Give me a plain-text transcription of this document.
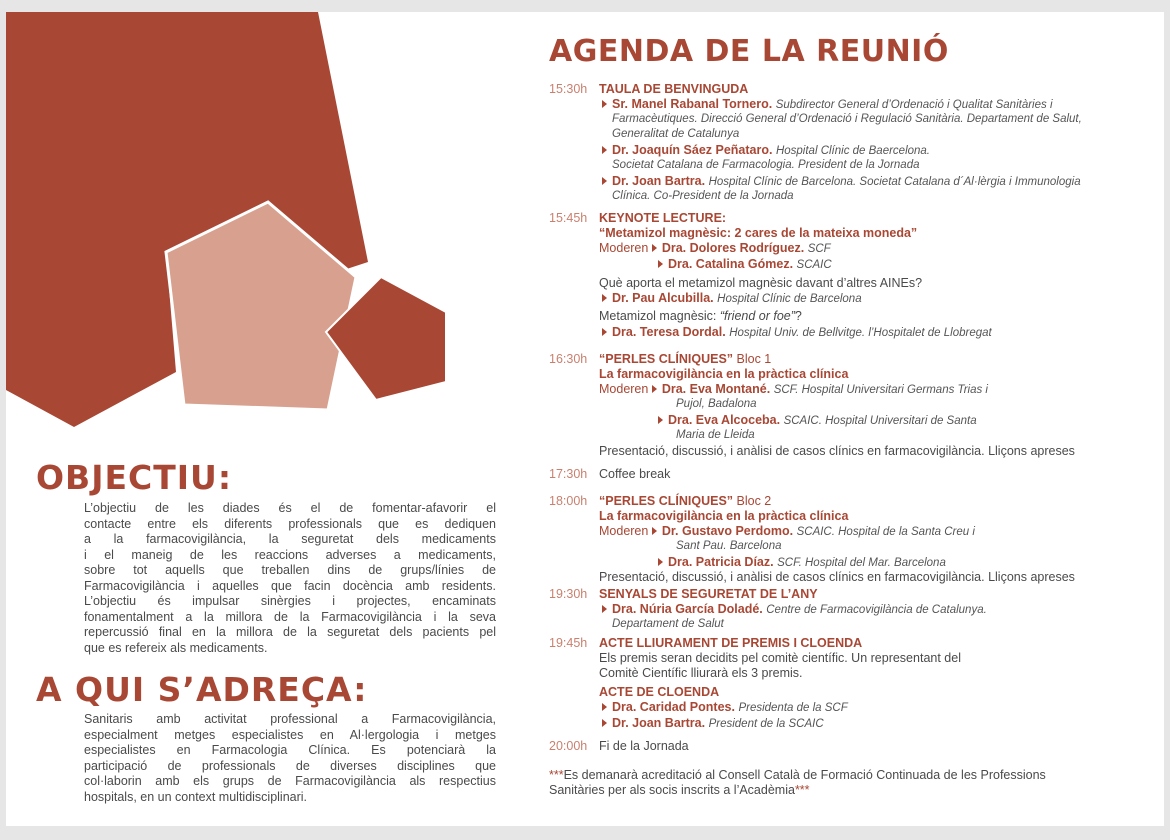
OBJECTIU:
L’objectiu de les diades és el de fomentar-afavorir el
contacte entre els diferents professionals que es dediquen
a la farmacovigilància, la seguretat dels medicaments
i el maneig de les reaccions adverses a medicaments,
sobre tot aquells que treballen dins de grups/línies de
Farmacovigilància i aquelles que facin docència amb residents.
L’objectiu és impulsar sinèrgies i projectes, encaminats
fonamentalment a la millora de la Farmacovigilància i la seva
repercussió final en la millora de la seguretat dels pacients pel
que es refereix als medicaments.
A QUI S’ADREÇA:
Sanitaris amb activitat professional a Farmacovigilància,
especialment metges especialistes en Al·lergologia i metges
especialistes en Farmacologia Clínica. Es potenciarà la
participació de professionals de diverses disciplines que
col·laborin amb els grups de Farmacovigilància als respectius
hospitals, en un context multidisciplinari.
AGENDA DE LA REUNIÓ
15:30h TAULA DE BENVINGUDA
Sr. Manel Rabanal Tornero. Subdirector General d’Ordenació i Qualitat Sanitàries i
Farmacèutiques. Direcció General d’Ordenació i Regulació Sanitària. Departament de Salut,
Generalitat de Catalunya
Dr. Joaquín Sáez Peñataro. Hospital Clínic de Baercelona.
Societat Catalana de Farmacologia. President de la Jornada
Dr. Joan Bartra. Hospital Clínic de Barcelona. Societat Catalana d´Al·lèrgia i Immunologia
Clínica. Co-President de la Jornada
15:45h KEYNOTE LECTURE:
“Metamizol magnèsic: 2 cares de la mateixa moneda”
Moderen Dra. Dolores Rodríguez. SCF
Dra. Catalina Gómez. SCAIC
Què aporta el metamizol magnèsic davant d’altres AINEs?
Dr. Pau Alcubilla. Hospital Clínic de Barcelona
Metamizol magnèsic: “friend or foe”?
Dra. Teresa Dordal. Hospital Univ. de Bellvitge. l’Hospitalet de Llobregat
16:30h “PERLES CLÍNIQUES” Bloc 1
La farmacovigilància en la pràctica clínica
Moderen Dra. Eva Montané. SCF. Hospital Universitari Germans Trias i
Pujol, Badalona
Dra. Eva Alcoceba. SCAIC. Hospital Universitari de Santa
Maria de Lleida
Presentació, discussió, i anàlisi de casos clínics en farmacovigilància. Lliçons apreses
17:30h Coffee break
18:00h “PERLES CLÍNIQUES” Bloc 2
La farmacovigilància en la pràctica clínica
Moderen Dr. Gustavo Perdomo. SCAIC. Hospital de la Santa Creu i
Sant Pau. Barcelona
Dra. Patricia Díaz. SCF. Hospital del Mar. Barcelona
Presentació, discussió, i anàlisi de casos clínics en farmacovigilància. Lliçons apreses
19:30h SENYALS DE SEGURETAT DE L’ANY
Dra. Núria García Doladé. Centre de Farmacovigilància de Catalunya.
Departament de Salut
19:45h ACTE LLIURAMENT DE PREMIS I CLOENDA
Els premis seran decidits pel comitè científic. Un representant del
Comitè Científic lliurarà els 3 premis.
ACTE DE CLOENDA
Dra. Caridad Pontes. Presidenta de la SCF
Dr. Joan Bartra. President de la SCAIC
20:00h Fi de la Jornada
***Es demanarà acreditació al Consell Català de Formació Continuada de les Professions
Sanitàries per als socis inscrits a l’Acadèmia***
